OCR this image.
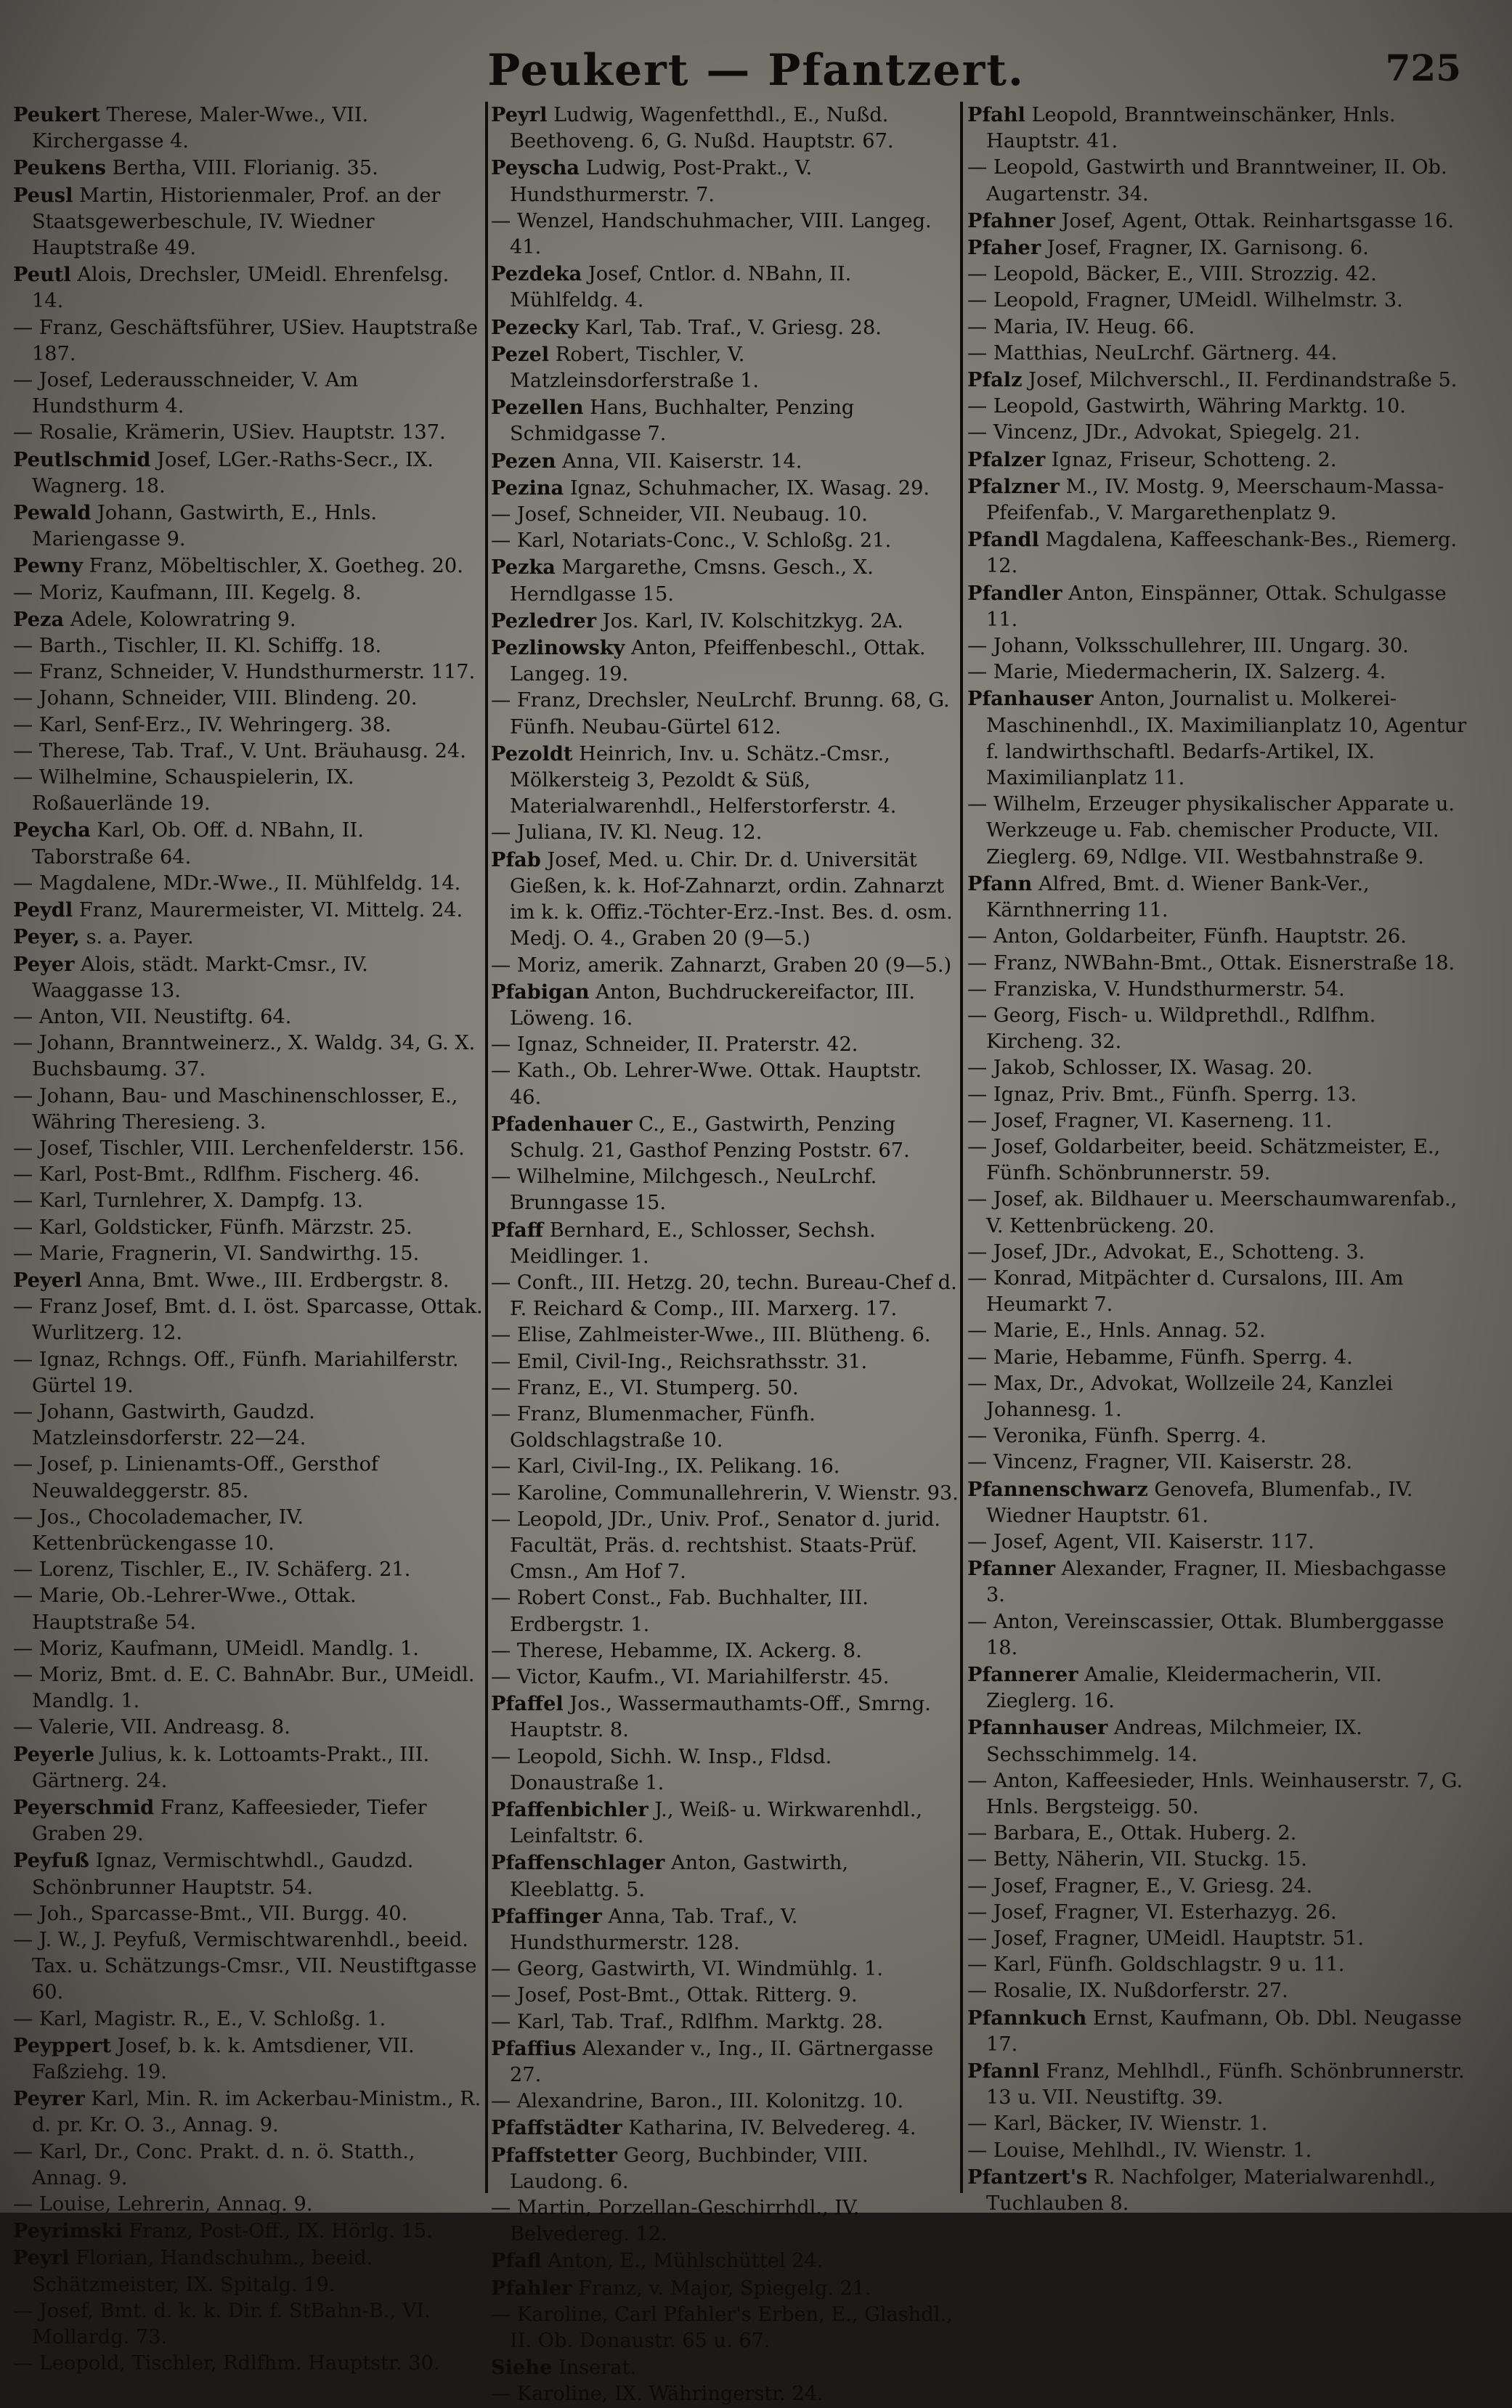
Peukert — Pfantzert.	725

Peukert Therese, Maler-Wwe., VII. Kirchergasse 4.

Peukens Bertha, VIII. Florianig. 35.

Peusl Martin, Historienmaler, Prof. an der Staatsgewerbeschule, IV. Wiedner Hauptstraße 49.

Peutl Alois, Drechsler, UMeidl. Ehrenfelsg. 14.

— Franz, Geschäftsführer, USiev. Hauptstraße 187.

— Josef, Lederausschneider, V. Am Hundsthurm 4.

— Rosalie, Krämerin, USiev. Hauptstr. 137.

Peutlschmid Josef, LGer.-Raths-Secr., IX. Wagnerg. 18.

Pewald Johann, Gastwirth, E., Hnls. Mariengasse 9.

Pewny Franz, Möbeltischler, X. Goetheg. 20.

— Moriz, Kaufmann, III. Kegelg. 8.

Peza Adele, Kolowratring 9.

— Barth., Tischler, II. Kl. Schiffg. 18.

— Franz, Schneider, V. Hundsthurmerstr. 117.

— Johann, Schneider, VIII. Blindeng. 20.

— Karl, Senf-Erz., IV. Wehringerg. 38.

— Therese, Tab. Traf., V. Unt. Bräuhausg. 24.

— Wilhelmine, Schauspielerin, IX. Roßauerlände 19.

Peycha Karl, Ob. Off. d. NBahn, II. Taborstraße 64.

— Magdalene, MDr.-Wwe., II. Mühlfeldg. 14.

Peydl Franz, Maurermeister, VI. Mittelg. 24.

Peyer, s. a. Payer.

Peyer Alois, städt. Markt-Cmsr., IV. Waaggasse 13.

— Anton, VII. Neustiftg. 64.

— Johann, Branntweinerz., X. Waldg. 34, G. X. Buchsbaumg. 37.

— Johann, Bau- und Maschinenschlosser, E., Währing Theresieng. 3.

— Josef, Tischler, VIII. Lerchenfelderstr. 156.

— Karl, Post-Bmt., Rdlfhm. Fischerg. 46.

— Karl, Turnlehrer, X. Dampfg. 13.

— Karl, Goldsticker, Fünfh. Märzstr. 25.

— Marie, Fragnerin, VI. Sandwirthg. 15.

Peyerl Anna, Bmt. Wwe., III. Erdbergstr. 8.

— Franz Josef, Bmt. d. I. öst. Sparcasse, Ottak. Wurlitzerg. 12.

— Ignaz, Rchngs. Off., Fünfh. Mariahilferstr. Gürtel 19.

— Johann, Gastwirth, Gaudzd. Matzleinsdorferstr. 22—24.

— Josef, p. Linienamts-Off., Gersthof Neuwaldeggerstr. 85.

— Jos., Chocolademacher, IV. Kettenbrückengasse 10.

— Lorenz, Tischler, E., IV. Schäferg. 21.

— Marie, Ob.-Lehrer-Wwe., Ottak. Hauptstraße 54.

— Moriz, Kaufmann, UMeidl. Mandlg. 1.

— Moriz, Bmt. d. E. C. BahnAbr. Bur., UMeidl. Mandlg. 1.

— Valerie, VII. Andreasg. 8.

Peyerle Julius, k. k. Lottoamts-Prakt., III. Gärtnerg. 24.

Peyerschmid Franz, Kaffeesieder, Tiefer Graben 29.

Peyfuß Ignaz, Vermischtwhdl., Gaudzd. Schönbrunner Hauptstr. 54.

— Joh., Sparcasse-Bmt., VII. Burgg. 40.

— J. W., J. Peyfuß, Vermischtwarenhdl., beeid. Tax. u. Schätzungs-Cmsr., VII. Neustiftgasse 60.

— Karl, Magistr. R., E., V. Schloßg. 1.

Peyppert Josef, b. k. k. Amtsdiener, VII. Faßziehg. 19.

Peyrer Karl, Min. R. im Ackerbau-Ministm., R. d. pr. Kr. O. 3., Annag. 9.

— Karl, Dr., Conc. Prakt. d. n. ö. Statth., Annag. 9.

— Louise, Lehrerin, Annag. 9.

Peyrimski Franz, Post-Off., IX. Hörlg. 15.

Peyrl Florian, Handschuhm., beeid. Schätzmeister, IX. Spitalg. 19.

— Josef, Bmt. d. k. k. Dir. f. StBahn-B., VI. Mollardg. 73.

— Leopold, Tischler, Rdlfhm. Hauptstr. 30.

Peyrl Ludwig, Wagenfetthdl., E., Nußd. Beethoveng. 6, G. Nußd. Hauptstr. 67.

Peyscha Ludwig, Post-Prakt., V. Hundsthurmerstr. 7.

— Wenzel, Handschuhmacher, VIII. Langeg. 41.

Pezdeka Josef, Cntlor. d. NBahn, II. Mühlfeldg. 4.

Pezecky Karl, Tab. Traf., V. Griesg. 28.

Pezel Robert, Tischler, V. Matzleinsdorferstraße 1.

Pezellen Hans, Buchhalter, Penzing Schmidgasse 7.

Pezen Anna, VII. Kaiserstr. 14.

Pezina Ignaz, Schuhmacher, IX. Wasag. 29.

— Josef, Schneider, VII. Neubaug. 10.

— Karl, Notariats-Conc., V. Schloßg. 21.

Pezka Margarethe, Cmsns. Gesch., X. Herndlgasse 15.

Pezledrer Jos. Karl, IV. Kolschitzkyg. 2A.

Pezlinowsky Anton, Pfeiffenbeschl., Ottak. Langeg. 19.

— Franz, Drechsler, NeuLrchf. Brunng. 68, G. Fünfh. Neubau-Gürtel 612.

Pezoldt Heinrich, Inv. u. Schätz.-Cmsr., Mölkersteig 3, Pezoldt & Süß, Materialwarenhdl., Helferstorferstr. 4.

— Juliana, IV. Kl. Neug. 12.

Pfab Josef, Med. u. Chir. Dr. d. Universität Gießen, k. k. Hof-Zahnarzt, ordin. Zahnarzt im k. k. Offiz.-Töchter-Erz.-Inst. Bes. d. osm. Medj. O. 4., Graben 20 (9—5.)

— Moriz, amerik. Zahnarzt, Graben 20 (9—5.)

Pfabigan Anton, Buchdruckereifactor, III. Löweng. 16.

— Ignaz, Schneider, II. Praterstr. 42.

— Kath., Ob. Lehrer-Wwe. Ottak. Hauptstr. 46.

Pfadenhauer C., E., Gastwirth, Penzing Schulg. 21, Gasthof Penzing Poststr. 67.

— Wilhelmine, Milchgesch., NeuLrchf. Brunngasse 15.

Pfaff Bernhard, E., Schlosser, Sechsh. Meidlinger. 1.

— Conft., III. Hetzg. 20, techn. Bureau-Chef d. F. Reichard & Comp., III. Marxerg. 17.

— Elise, Zahlmeister-Wwe., III. Blütheng. 6.

— Emil, Civil-Ing., Reichsrathsstr. 31.

— Franz, E., VI. Stumperg. 50.

— Franz, Blumenmacher, Fünfh. Goldschlagstraße 10.

— Karl, Civil-Ing., IX. Pelikang. 16.

— Karoline, Communallehrerin, V. Wienstr. 93.

— Leopold, JDr., Univ. Prof., Senator d. jurid. Facultät, Präs. d. rechtshist. Staats-Prüf. Cmsn., Am Hof 7.

— Robert Const., Fab. Buchhalter, III. Erdbergstr. 1.

— Therese, Hebamme, IX. Ackerg. 8.

— Victor, Kaufm., VI. Mariahilferstr. 45.

Pfaffel Jos., Wassermauthamts-Off., Smrng. Hauptstr. 8.

— Leopold, Sichh. W. Insp., Fldsd. Donaustraße 1.

Pfaffenbichler J., Weiß- u. Wirkwarenhdl., Leinfaltstr. 6.

Pfaffenschlager Anton, Gastwirth, Kleeblattg. 5.

Pfaffinger Anna, Tab. Traf., V. Hundsthurmerstr. 128.

— Georg, Gastwirth, VI. Windmühlg. 1.

— Josef, Post-Bmt., Ottak. Ritterg. 9.

— Karl, Tab. Traf., Rdlfhm. Marktg. 28.

Pfaffius Alexander v., Ing., II. Gärtnergasse 27.

— Alexandrine, Baron., III. Kolonitzg. 10.

Pfaffstädter Katharina, IV. Belvedereg. 4.

Pfaffstetter Georg, Buchbinder, VIII. Laudong. 6.

— Martin, Porzellan-Geschirrhdl., IV. Belvedereg. 12.

Pfafl Anton, E., Mühlschüttel 24.

Pfahler Franz, v. Major, Spiegelg. 21.

— Karoline, Carl Pfahler's Erben, E., Glashdl., II. Ob. Donaustr. 65 u. 67.

Siehe Inserat.

— Karoline, IX. Währingerstr. 24.

Pfahl Leopold, Branntweinschänker, Hnls. Hauptstr. 41.

— Leopold, Gastwirth und Branntweiner, II. Ob. Augartenstr. 34.

Pfahner Josef, Agent, Ottak. Reinhartsgasse 16.

Pfaher Josef, Fragner, IX. Garnisong. 6.

— Leopold, Bäcker, E., VIII. Strozzig. 42.

— Leopold, Fragner, UMeidl. Wilhelmstr. 3.

— Maria, IV. Heug. 66.

— Matthias, NeuLrchf. Gärtnerg. 44.

Pfalz Josef, Milchverschl., II. Ferdinandstraße 5.

— Leopold, Gastwirth, Währing Marktg. 10.

— Vincenz, JDr., Advokat, Spiegelg. 21.

Pfalzer Ignaz, Friseur, Schotteng. 2.

Pfalzner M., IV. Mostg. 9, Meerschaum-Massa-Pfeifenfab., V. Margarethenplatz 9.

Pfandl Magdalena, Kaffeeschank-Bes., Riemerg. 12.

Pfandler Anton, Einspänner, Ottak. Schulgasse 11.

— Johann, Volksschullehrer, III. Ungarg. 30.

— Marie, Miedermacherin, IX. Salzerg. 4.

Pfanhauser Anton, Journalist u. Molkerei-Maschinenhdl., IX. Maximilianplatz 10, Agentur f. landwirthschaftl. Bedarfs-Artikel, IX. Maximilianplatz 11.

— Wilhelm, Erzeuger physikalischer Apparate u. Werkzeuge u. Fab. chemischer Producte, VII. Zieglerg. 69, Ndlge. VII. Westbahnstraße 9.

Pfann Alfred, Bmt. d. Wiener Bank-Ver., Kärnthnerring 11.

— Anton, Goldarbeiter, Fünfh. Hauptstr. 26.

— Franz, NWBahn-Bmt., Ottak. Eisnerstraße 18.

— Franziska, V. Hundsthurmerstr. 54.

— Georg, Fisch- u. Wildprethdl., Rdlfhm. Kircheng. 32.

— Jakob, Schlosser, IX. Wasag. 20.

— Ignaz, Priv. Bmt., Fünfh. Sperrg. 13.

— Josef, Fragner, VI. Kaserneng. 11.

— Josef, Goldarbeiter, beeid. Schätzmeister, E., Fünfh. Schönbrunnerstr. 59.

— Josef, ak. Bildhauer u. Meerschaumwarenfab., V. Kettenbrückeng. 20.

— Josef, JDr., Advokat, E., Schotteng. 3.

— Konrad, Mitpächter d. Cursalons, III. Am Heumarkt 7.

— Marie, E., Hnls. Annag. 52.

— Marie, Hebamme, Fünfh. Sperrg. 4.

— Max, Dr., Advokat, Wollzeile 24, Kanzlei Johannesg. 1.

— Veronika, Fünfh. Sperrg. 4.

— Vincenz, Fragner, VII. Kaiserstr. 28.

Pfannenschwarz Genovefa, Blumenfab., IV. Wiedner Hauptstr. 61.

— Josef, Agent, VII. Kaiserstr. 117.

Pfanner Alexander, Fragner, II. Miesbachgasse 3.

— Anton, Vereinscassier, Ottak. Blumberggasse 18.

Pfannerer Amalie, Kleidermacherin, VII. Zieglerg. 16.

Pfannhauser Andreas, Milchmeier, IX. Sechsschimmelg. 14.

— Anton, Kaffeesieder, Hnls. Weinhauserstr. 7, G. Hnls. Bergsteigg. 50.

— Barbara, E., Ottak. Huberg. 2.

— Betty, Näherin, VII. Stuckg. 15.

— Josef, Fragner, E., V. Griesg. 24.

— Josef, Fragner, VI. Esterhazyg. 26.

— Josef, Fragner, UMeidl. Hauptstr. 51.

— Karl, Fünfh. Goldschlagstr. 9 u. 11.

— Rosalie, IX. Nußdorferstr. 27.

Pfannkuch Ernst, Kaufmann, Ob. Dbl. Neugasse 17.

Pfannl Franz, Mehlhdl., Fünfh. Schönbrunnerstr. 13 u. VII. Neustiftg. 39.

— Karl, Bäcker, IV. Wienstr. 1.

— Louise, Mehlhdl., IV. Wienstr. 1.

Pfantzert's R. Nachfolger, Materialwarenhdl., Tuchlauben 8.
